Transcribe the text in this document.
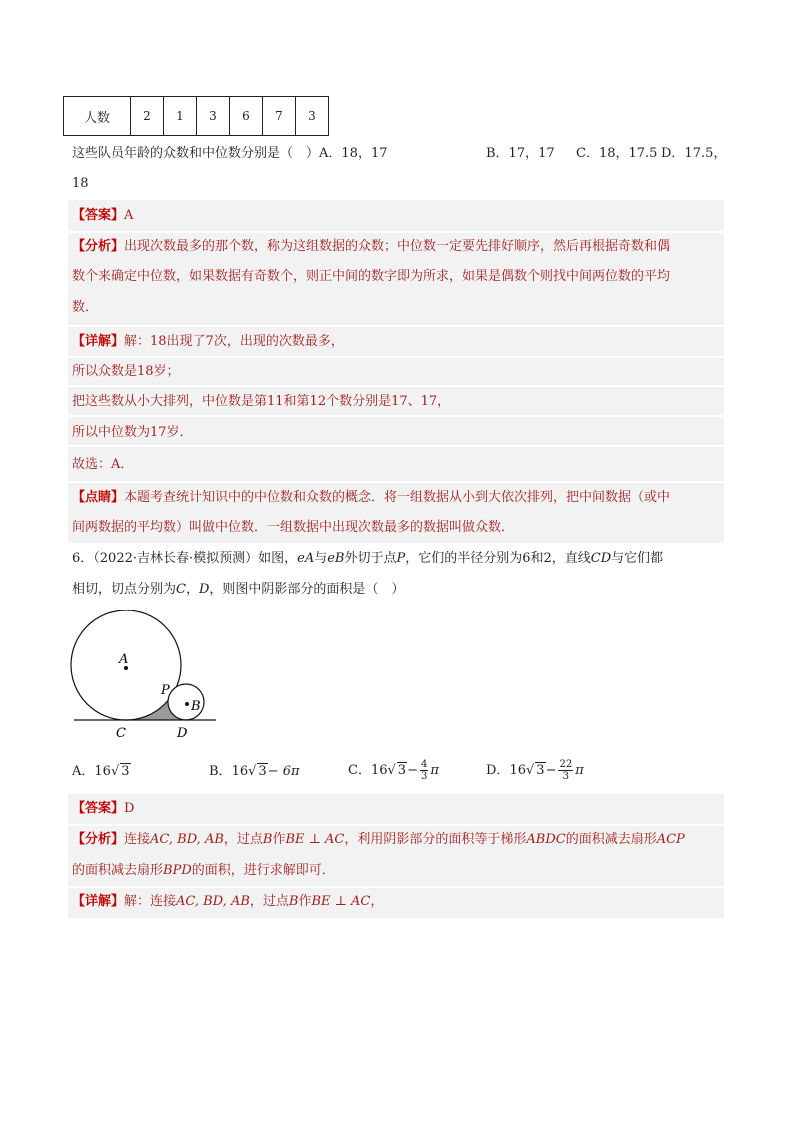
人数	2	1	3	6	7	3
这些队员年龄的众数和中位数分别是（　）A．18，17	B．17，17 C．18，17.5 D．17.5，
18
【答案】A
【分析】出现次数最多的那个数，称为这组数据的众数；中位数一定要先排好顺序，然后再根据奇数和偶
数个来确定中位数，如果数据有奇数个，则正中间的数字即为所求，如果是偶数个则找中间两位数的平均
数．
【详解】解：18出现了7次，出现的次数最多，
所以众数是18岁；
把这些数从小大排列，中位数是第11和第12个数分别是17、17，
所以中位数为17岁．
故选：A．
【点睛】本题考查统计知识中的中位数和众数的概念．将一组数据从小到大依次排列，把中间数据（或中
间两数据的平均数）叫做中位数．一组数据中出现次数最多的数据叫做众数．
6．（2022·吉林长春·模拟预测）如图，eA与eB外切于点P，它们的半径分别为6和2，直线CD与它们都
相切，切点分别为C，D，则图中阴影部分的面积是（　）
A
B
P
C	D
A．16√ 3	B．16√ 3− 6π	C．16√ $3- \frac{4}{3}$ π	D．16√ $3- \frac{22}{3}$ π
【答案】D
【分析】连接AC, BD, AB，过点B作BE ⊥ AC，利用阴影部分的面积等于梯形ABDC的面积减去扇形ACP
的面积减去扇形BPD的面积，进行求解即可．
【详解】解：连接AC, BD, AB，过点B作BE ⊥ AC，
